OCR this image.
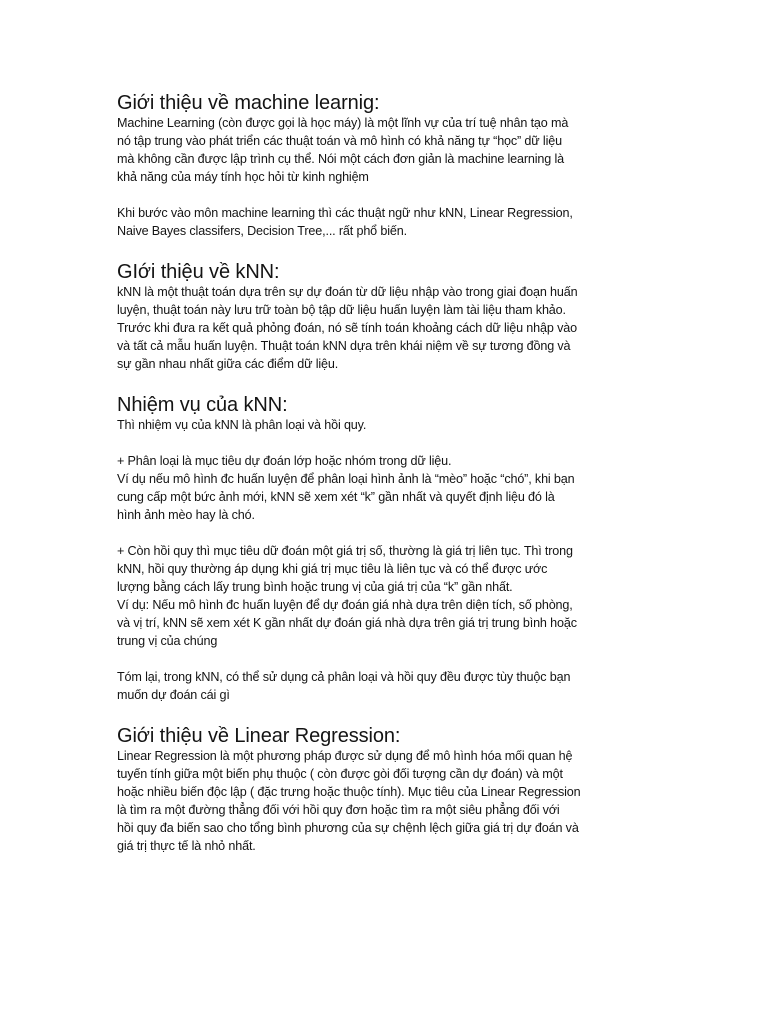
Giới thiệu về machine learnig:

Machine Learning (còn được gọi là học máy) là một lĩnh vự của trí tuệ nhân tạo mà
nó tập trung vào phát triển các thuật toán và mô hình có khả năng tự “học” dữ liệu
mà không cần được lập trình cụ thể. Nói một cách đơn giản là machine learning là
khả năng của máy tính học hỏi từ kinh nghiệm

Khi bước vào môn machine learning thì các thuật ngữ như kNN, Linear Regression,
Naive Bayes classifers, Decision Tree,... rất phổ biến.

GIới thiệu về kNN:

kNN là một thuật toán dựa trên sự dự đoán từ dữ liệu nhập vào trong giai đoạn huấn
luyện, thuật toán này lưu trữ toàn bộ tập dữ liệu huấn luyện làm tài liệu tham khảo.
Trước khi đưa ra kết quả phỏng đoán, nó sẽ tính toán khoảng cách dữ liệu nhập vào
và tất cả mẫu huấn luyện. Thuật toán kNN dựa trên khái niệm về sự tương đồng và
sự gần nhau nhất giữa các điểm dữ liệu.

Nhiệm vụ của kNN:

Thì nhiệm vụ của kNN là phân loại và hồi quy.

+ Phân loại là mục tiêu dự đoán lớp hoặc nhóm trong dữ liệu.
Ví dụ nếu mô hình đc huấn luyện để phân loại hình ảnh là “mèo” hoặc “chó”, khi bạn
cung cấp một bức ảnh mới, kNN sẽ xem xét “k” gần nhất và quyết định liệu đó là
hình ảnh mèo hay là chó.

+ Còn hồi quy thì mục tiêu dữ đoán một giá trị số, thường là giá trị liên tục. Thì trong
kNN, hồi quy thường áp dụng khi giá trị mục tiêu là liên tục và có thể được ước
lượng bằng cách lấy trung bình hoặc trung vị của giá trị của “k” gần nhất.
Ví dụ: Nếu mô hình đc huấn luyện để dự đoán giá nhà dựa trên diện tích, số phòng,
và vị trí, kNN sẽ xem xét K gần nhất dự đoán giá nhà dựa trên giá trị trung bình hoặc
trung vị của chúng

Tóm lại, trong kNN, có thể sử dụng cả phân loại và hồi quy đều được tùy thuộc bạn
muốn dự đoán cái gì

Giới thiệu về Linear Regression:

Linear Regression là một phương pháp được sử dụng để mô hình hóa mối quan hệ
tuyến tính giữa một biến phụ thuộc ( còn được gòi đối tượng cần dự đoán) và một
hoặc nhiều biến độc lập ( đặc trưng hoặc thuộc tính). Mục tiêu của Linear Regression
là tìm ra một đường thẳng đối với hồi quy đơn hoặc tìm ra một siêu phẳng đối với
hồi quy đa biến sao cho tổng bình phương của sự chệnh lệch giữa giá trị dự đoán và
giá trị thực tế là nhỏ nhất.
